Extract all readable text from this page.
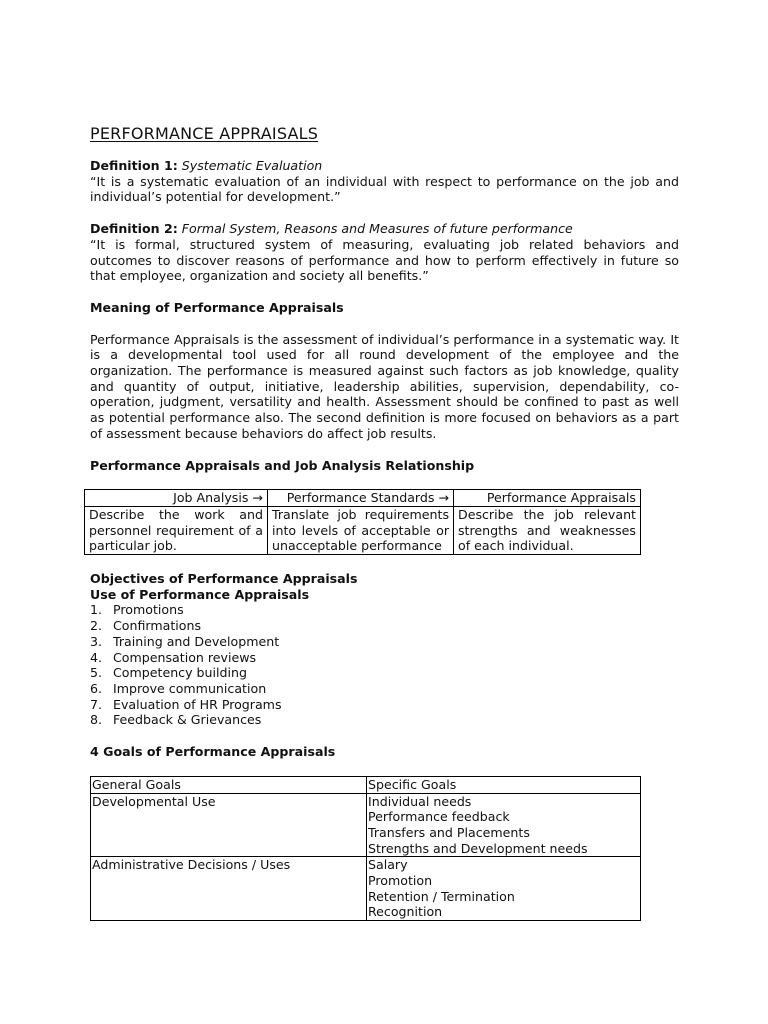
PERFORMANCE APPRAISALS

Definition 1: Systematic Evaluation

“It is a systematic evaluation of an individual with respect to performance on the job and individual’s potential for development.”

Definition 2: Formal System, Reasons and Measures of future performance

“It is formal, structured system of measuring, evaluating job related behaviors and outcomes to discover reasons of performance and how to perform effectively in future so that employee, organization and society all benefits.”

Meaning of Performance Appraisals

Performance Appraisals is the assessment of individual’s performance in a systematic way. It is a developmental tool used for all round development of the employee and the organization. The performance is measured against such factors as job knowledge, quality and quantity of output, initiative, leadership abilities, supervision, dependability, co-operation, judgment, versatility and health. Assessment should be confined to past as well as potential performance also. The second definition is more focused on behaviors as a part of assessment because behaviors do affect job results.

Performance Appraisals and Job Analysis Relationship

Job Analysis →	Performance Standards →	Performance Appraisals
Describe the work and personnel requirement of a particular job.	Translate job requirements into levels of acceptable or unacceptable performance	Describe the job relevant strengths and weaknesses of each individual.

Objectives of Performance Appraisals

Use of Performance Appraisals

1. Promotions
2. Confirmations
3. Training and Development
4. Compensation reviews
5. Competency building
6. Improve communication
7. Evaluation of HR Programs
8. Feedback & Grievances

4 Goals of Performance Appraisals

General Goals	Specific Goals
Developmental Use	Individual needs
Performance feedback
Transfers and Placements
Strengths and Development needs

Administrative Decisions / Uses	Salary
Promotion
Retention / Termination
Recognition
